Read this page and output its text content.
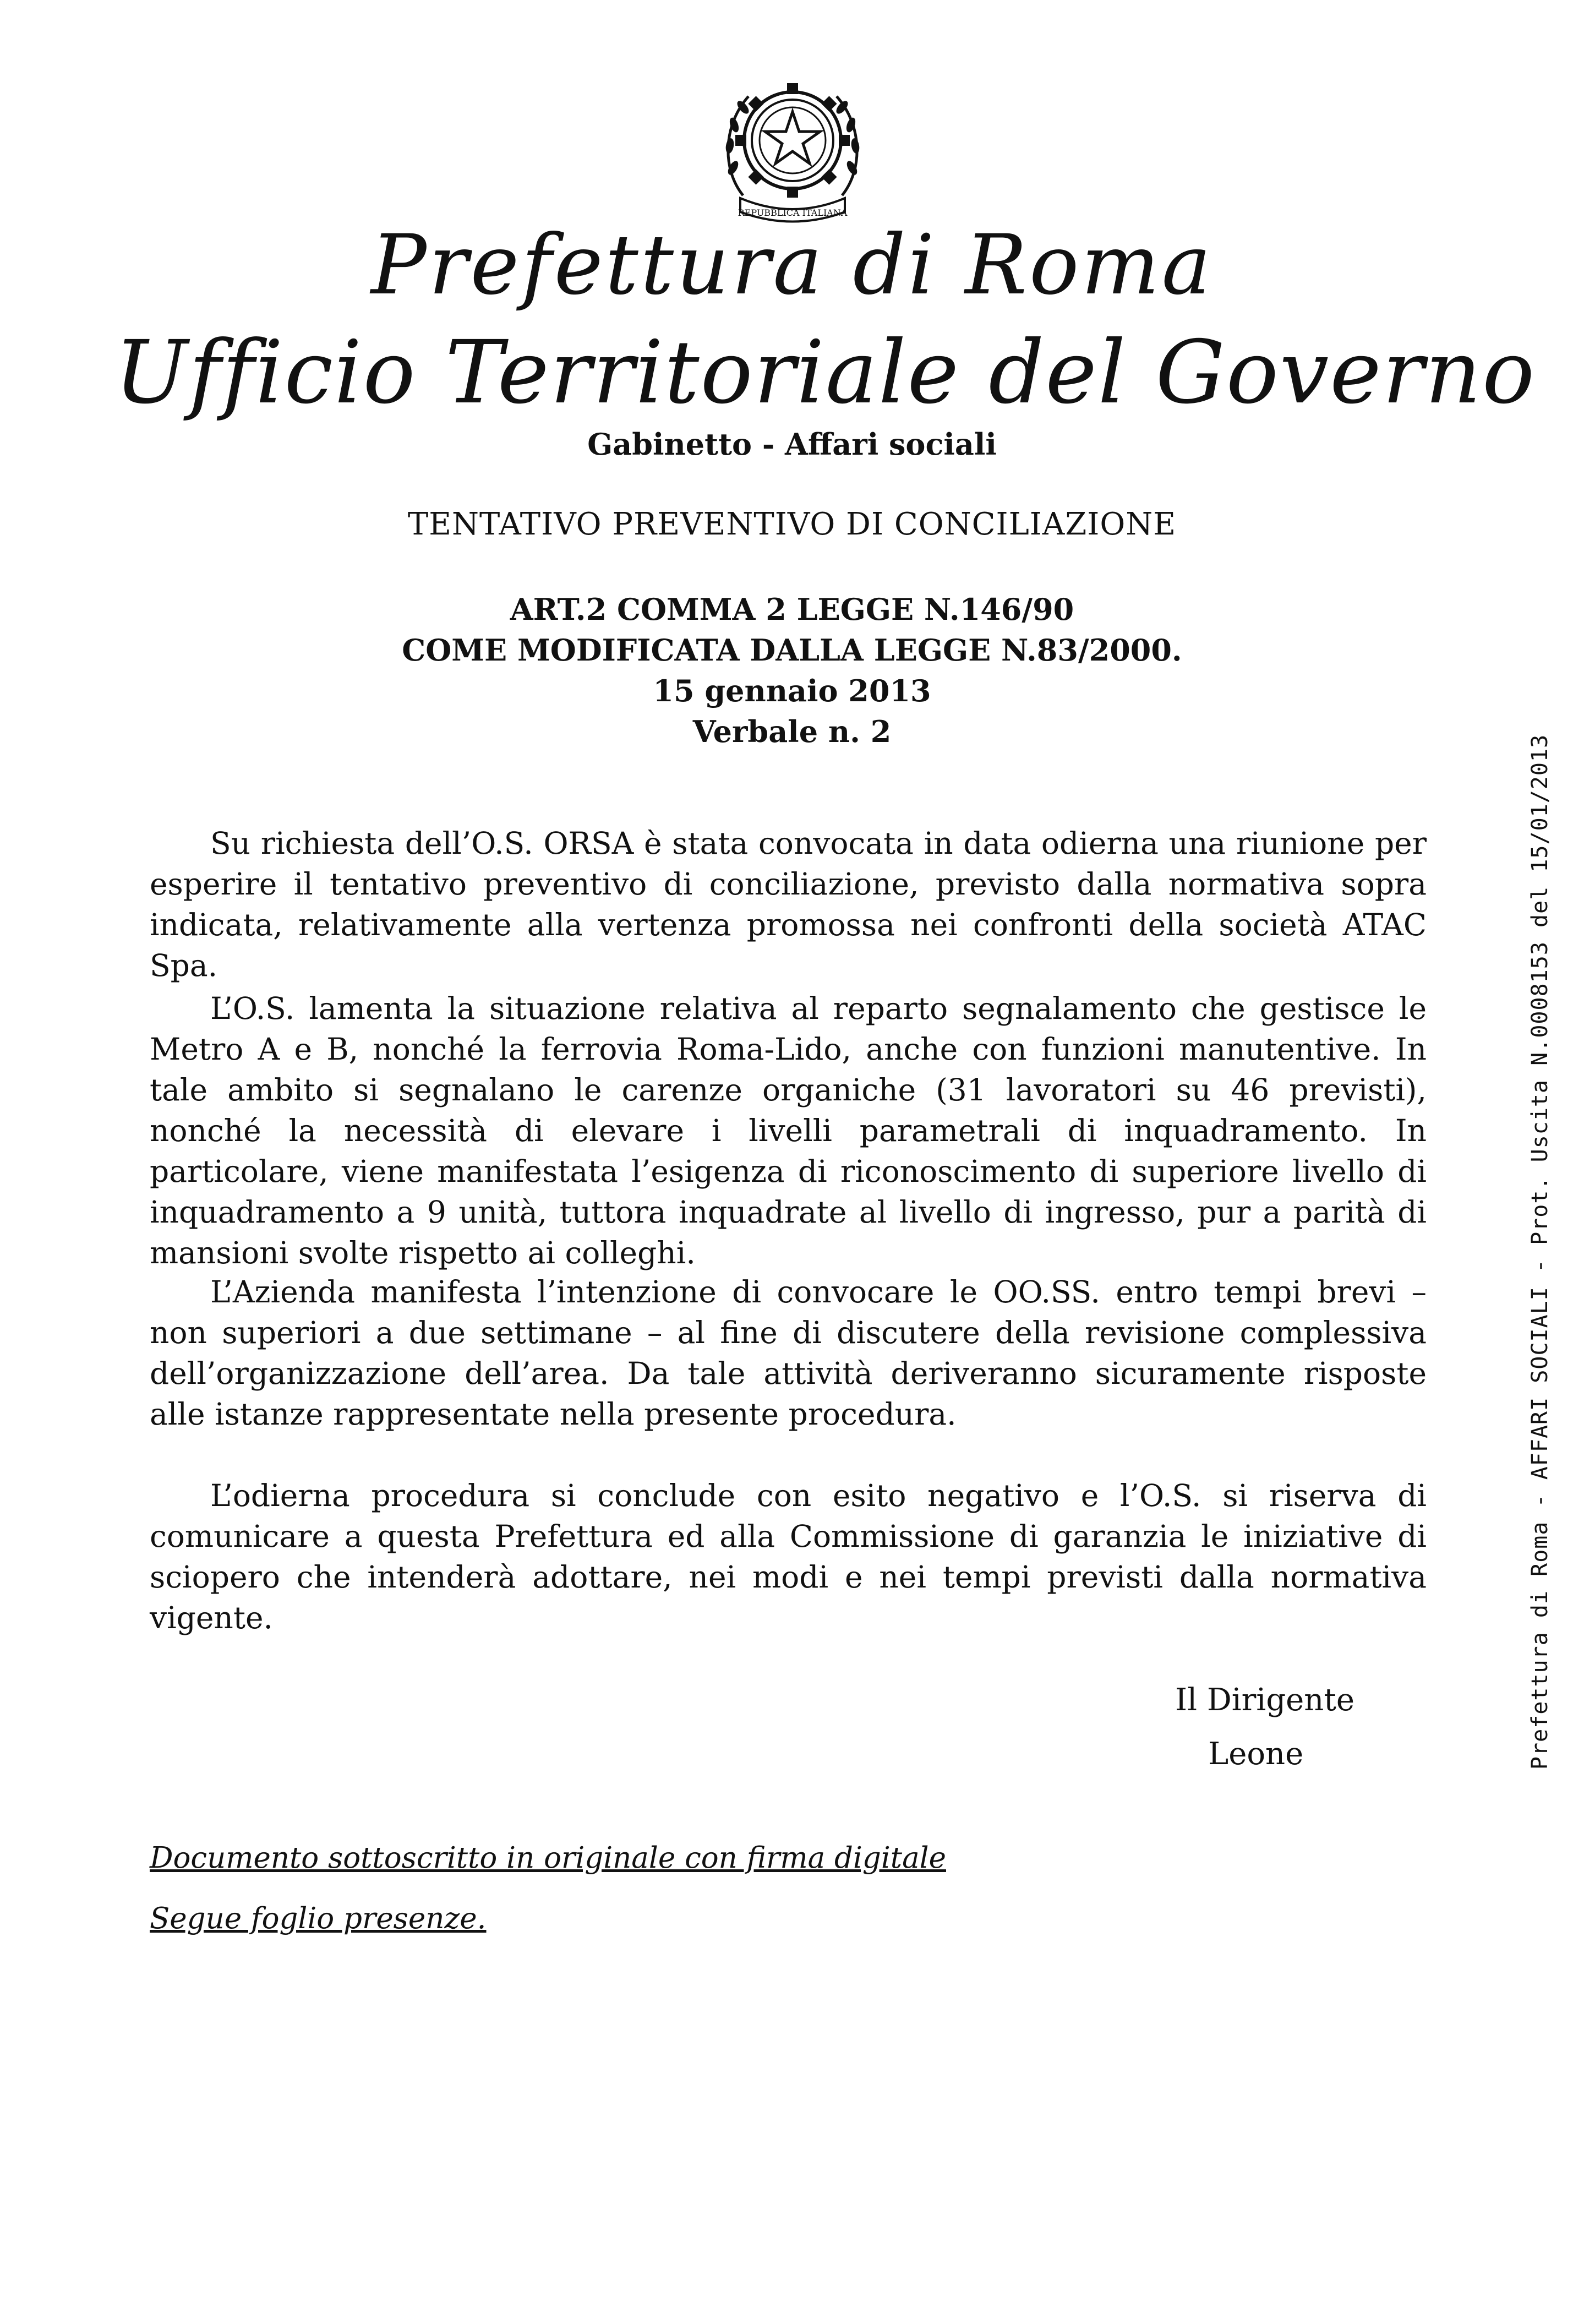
REPUBBLICA ITALIANA
Prefettura di Roma
Ufficio Territoriale del Governo
Gabinetto - Affari sociali
TENTATIVO PREVENTIVO DI CONCILIAZIONE
ART.2 COMMA 2 LEGGE N.146/90
COME MODIFICATA DALLA LEGGE N.83/2000.
15 gennaio 2013
Verbale n. 2

Su richiesta dell’O.S. ORSA è stata convocata in data odierna una riunione per esperire il tentativo preventivo di conciliazione, previsto dalla normativa sopra indicata, relativamente alla vertenza promossa nei confronti della società ATAC Spa.

L’O.S. lamenta la situazione relativa al reparto segnalamento che gestisce le Metro A e B, nonché la ferrovia Roma-Lido, anche con funzioni manutentive. In tale ambito si segnalano le carenze organiche (31 lavoratori su 46 previsti), nonché la necessità di elevare i livelli parametrali di inquadramento. In particolare, viene manifestata l’esigenza di riconoscimento di superiore livello di inquadramento a 9 unità, tuttora inquadrate al livello di ingresso, pur a parità di mansioni svolte rispetto ai colleghi.

L’Azienda manifesta l’intenzione di convocare le OO.SS. entro tempi brevi – non superiori a due settimane – al fine di discutere della revisione complessiva dell’organizzazione dell’area. Da tale attività deriveranno sicuramente risposte alle istanze rappresentate nella presente procedura.

L’odierna procedura si conclude con esito negativo e l’O.S. si riserva di comunicare a questa Prefettura ed alla Commissione di garanzia le iniziative di sciopero che intenderà adottare, nei modi e nei tempi previsti dalla normativa vigente.

Il Dirigente
Leone
Documento sottoscritto in originale con firma digitale
Segue foglio presenze.
Prefettura di Roma - AFFARI SOCIALI - Prot. Uscita N.0008153 del 15/01/2013
